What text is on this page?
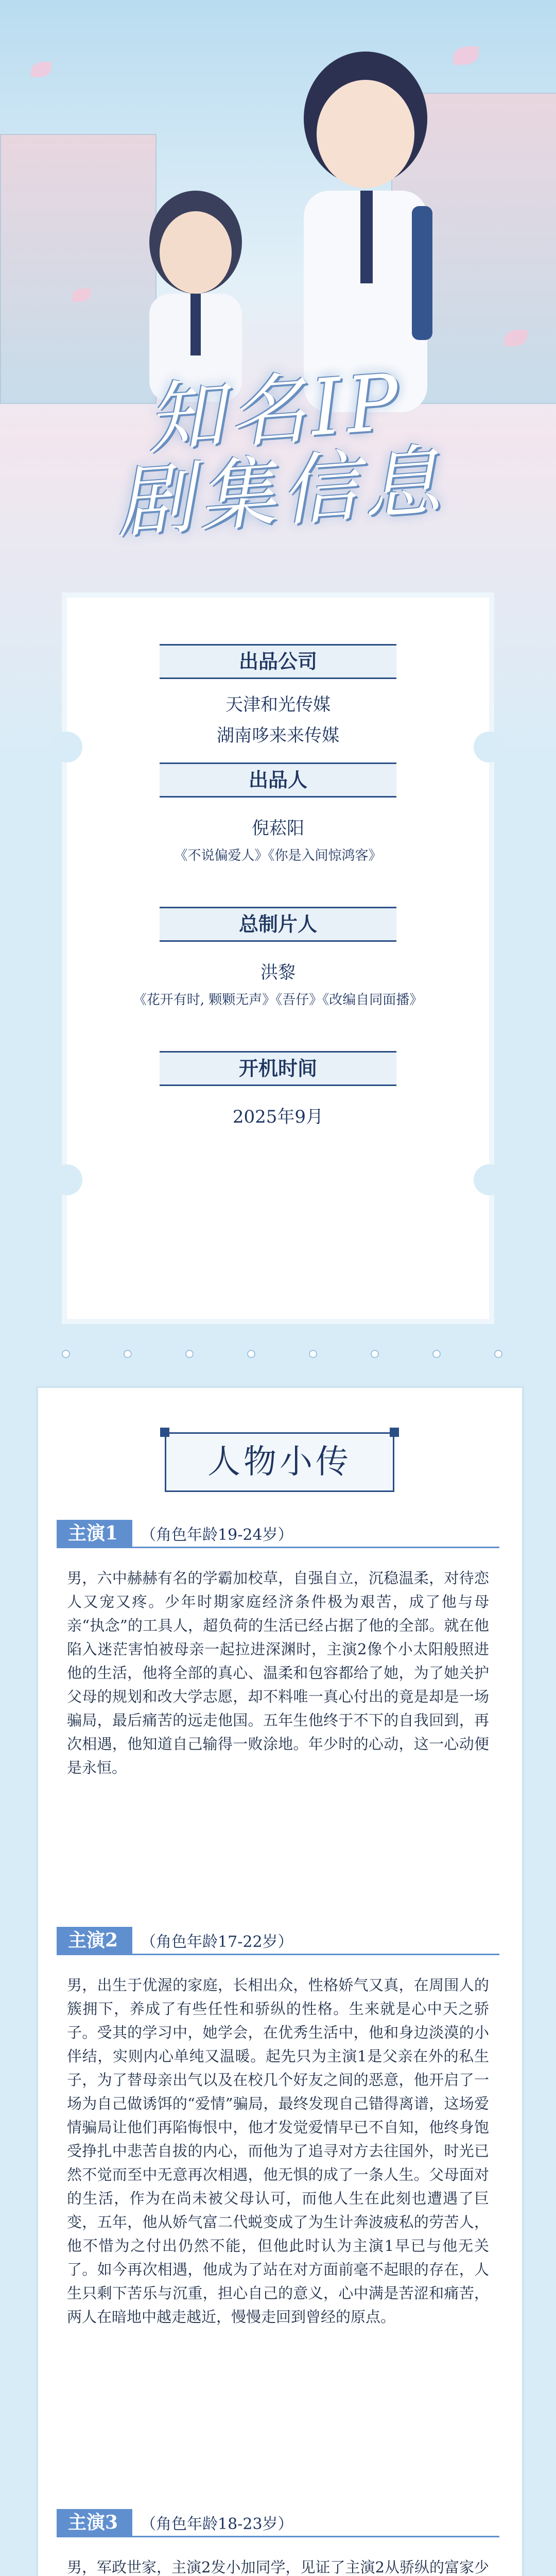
知名IP
剧集信息
出品公司
天津和光传媒
湖南哆来来传媒
出品人
倪菘阳
《不说偏爱人》《你是入间惊鸿客》
总制片人
洪黎
《花开有时, 颗颗无声》《吾仔》《改编自同面播》
开机时间
2025年9月
人物小传
主演1	（角色年龄19-24岁）
男，六中赫赫有名的学霸加校草，自强自立，沉稳温柔，对待恋人又宠又疼。少年时期家庭经济条件极为艰苦，成了他与母亲“执念”的工具人，超负荷的生活已经占据了他的全部。就在他陷入迷茫害怕被母亲一起拉进深渊时，主演2像个小太阳般照进他的生活，他将全部的真心、温柔和包容都给了她，为了她关护父母的规划和改大学志愿，却不料唯一真心付出的竟是却是一场骗局，最后痛苦的远走他国。五年生他终于不下的自我回到，再次相遇，他知道自己输得一败涂地。年少时的心动，这一心动便是永恒。
主演2	（角色年龄17-22岁）
男，出生于优渥的家庭，长相出众，性格娇气又真，在周围人的簇拥下，养成了有些任性和骄纵的性格。生来就是心中天之骄子。受其的学习中，她学会，在优秀生活中，他和身边淡漠的小伴结，实则内心单纯又温暖。起先只为主演1是父亲在外的私生子，为了替母亲出气以及在校几个好友之间的恶意，他开启了一场为自己做诱饵的“爱情”骗局，最终发现自己错得离谱，这场爱情骗局让他们再陷悔恨中，他才发觉爱情早已不自知，他终身饱受挣扎中悲苦自拔的内心，而他为了追寻对方去往国外，时光已然不觉而至中无意再次相遇，他无惧的成了一条人生。父母面对的生活，作为在尚未被父母认可，而他人生在此刻也遭遇了巨变，五年，他从娇气富二代蜕变成了为生计奔波疲私的劳苦人，他不惜为之付出仍然不能，但他此时认为主演1早已与他无关了。如今再次相遇，他成为了站在对方面前毫不起眼的存在，人生只剩下苦乐与沉重，担心自己的意义，心中满是苦涩和痛苦，两人在暗地中越走越近，慢慢走回到曾经的原点。
主演3	（角色年龄18-23岁）
男，军政世家，主演2发小加同学，见证了主演2从骄纵的富家少
